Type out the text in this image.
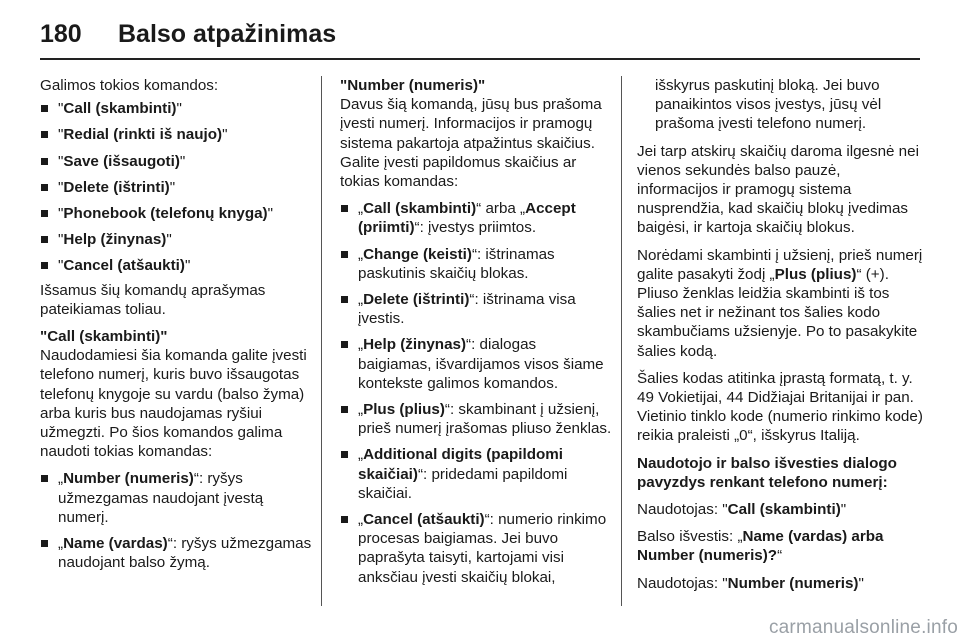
180 Balso atpažinimas

Galimos tokios komandos:

"Call (skambinti)"
"Redial (rinkti iš naujo)"
"Save (išsaugoti)"
"Delete (ištrinti)"
"Phonebook (telefonų knyga)"
"Help (žinynas)"
"Cancel (atšaukti)"

Išsamus šių komandų aprašymas pateikiamas toliau.

"Call (skambinti)"

Naudodamiesi šia komanda galite įvesti telefono numerį, kuris buvo išsaugotas telefonų knygoje su vardu (balso žyma) arba kuris bus naudojamas ryšiui užmegzti. Po šios komandos galima naudoti tokias komandas:

„Number (numeris)“: ryšys užmezgamas naudojant įvestą numerį.
„Name (vardas)“: ryšys užmezgamas naudojant balso žymą.

"Number (numeris)"

Davus šią komandą, jūsų bus prašoma įvesti numerį. Informacijos ir pramogų sistema pakartoja atpažintus skaičius. Galite įvesti papildomus skaičius ar tokias komandas:

„Call (skambinti)“ arba „Accept (priimti)“: įvestys priimtos.
„Change (keisti)“: ištrinamas paskutinis skaičių blokas.
„Delete (ištrinti)“: ištrinama visa įvestis.
„Help (žinynas)“: dialogas baigiamas, išvardijamos visos šiame kontekste galimos komandos.
„Plus (plius)“: skambinant į užsienį, prieš numerį įrašomas pliuso ženklas.
„Additional digits (papildomi skaičiai)“: pridedami papildomi skaičiai.
„Cancel (atšaukti)“: numerio rinkimo procesas baigiamas. Jei buvo paprašyta taisyti, kartojami visi anksčiau įvesti skaičių blokai,

išskyrus paskutinį bloką. Jei buvo panaikintos visos įvestys, jūsų vėl prašoma įvesti telefono numerį.

Jei tarp atskirų skaičių daroma ilgesnė nei vienos sekundės balso pauzė, informacijos ir pramogų sistema nusprendžia, kad skaičių blokų įvedimas baigėsi, ir kartoja skaičių blokus.

Norėdami skambinti į užsienį, prieš numerį galite pasakyti žodį „Plus (plius)“ (+). Pliuso ženklas leidžia skambinti iš tos šalies net ir nežinant tos šalies kodo skambučiams užsienyje. Po to pasakykite šalies kodą.

Šalies kodas atitinka įprastą formatą, t. y. 49 Vokietijai, 44 Didžiajai Britanijai ir pan. Vietinio tinklo kode (numerio rinkimo kode) reikia praleisti „0“, išskyrus Italiją.

Naudotojo ir balso išvesties dialogo pavyzdys renkant telefono numerį:

Naudotojas: "Call (skambinti)"

Balso išvestis: „Name (vardas) arba Number (numeris)?“

Naudotojas: "Number (numeris)"

carmanualsonline.info
